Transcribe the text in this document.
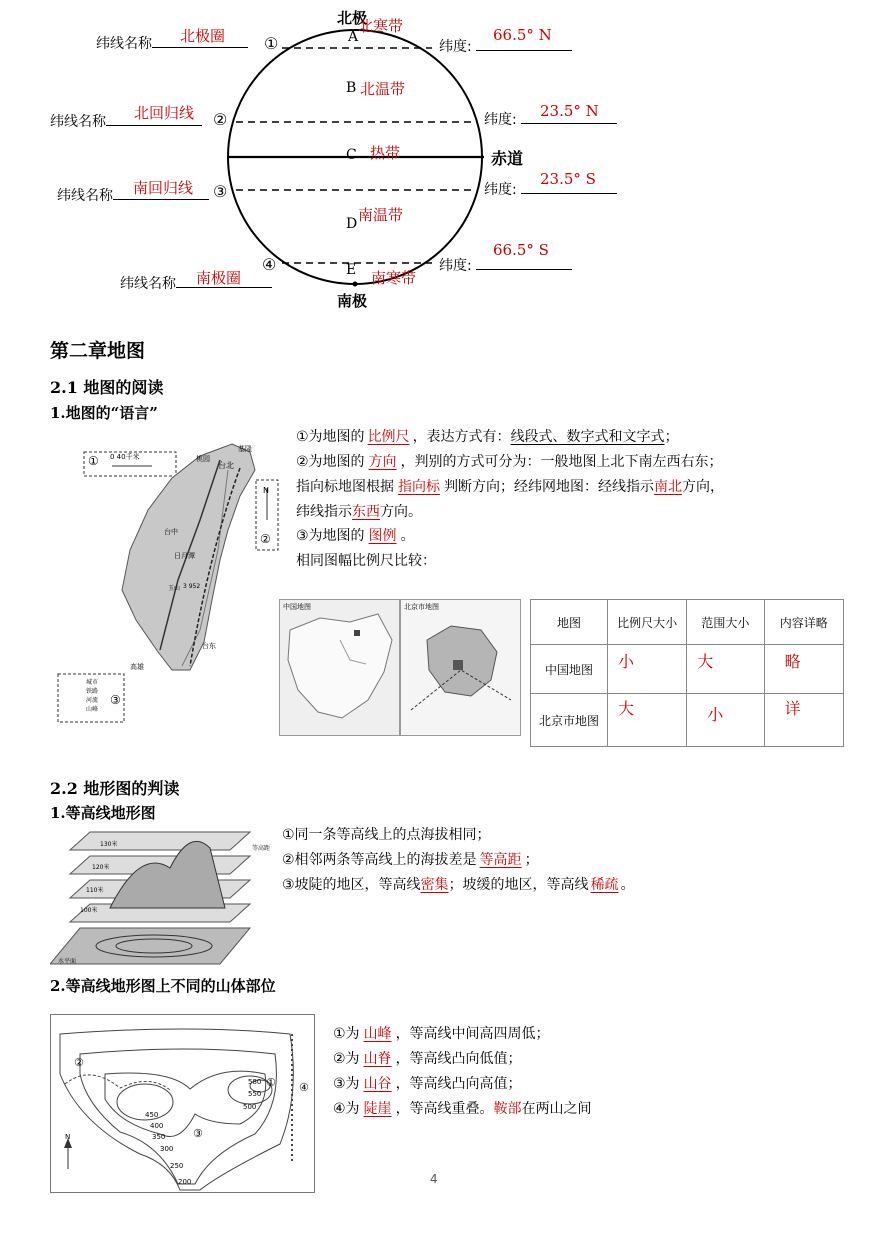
北极
南极
赤道
A
B
C
D
E
北寒带
北温带
热带
南温带
南寒带
纬线名称	北极圈 ①
纬线名称	北回归线 ②
纬线名称	南回归线 ③
纬线名称	南极圈
④
纬度:
66.5° N
纬度:	23.5° N
纬度:
23.5° S
纬度:
66.5° S
第二章地图
2.1 地图的阅读
1.地图的“语言”
① 0 40千米
N
②
③
城市
铁路
河流
山峰
基隆
桃园
台北
台中
日月潭
玉山 3 952
高雄
台东
①为地图的 比例尺 ，表达方式有：线段式、数字式和文字式；
②为地图的 方向 ，判别的方式可分为：一般地图上北下南左西右东；
指向标地图根据 指向标 判断方向；经纬网地图：经线指示南北方向，
纬线指示东西方向。
③为地图的 图例 。
相同图幅比例尺比较：
中国地图	北京市地图
地图	比例尺大小	范围大小	内容详略
中国地图	小	大	略
北京市地图	大	小	详
2.2 地形图的判读
1.等高线地形图
130米
120米
110米
100米
水平面
等高距
①同一条等高线上的点海拔相同；
②相邻两条等高线上的海拔差是 等高距 ；
③坡陡的地区，等高线密集；坡缓的地区，等高线 稀疏 。
2.等高线地形图上不同的山体部位
580
550
500
450
400
350
300
250
200
①
②
③
④
N
①为 山峰 ，等高线中间高四周低；
②为 山脊 ，等高线凸向低值；
③为 山谷 ，等高线凸向高值；
④为 陡崖 ，等高线重叠。鞍部在两山之间
4
